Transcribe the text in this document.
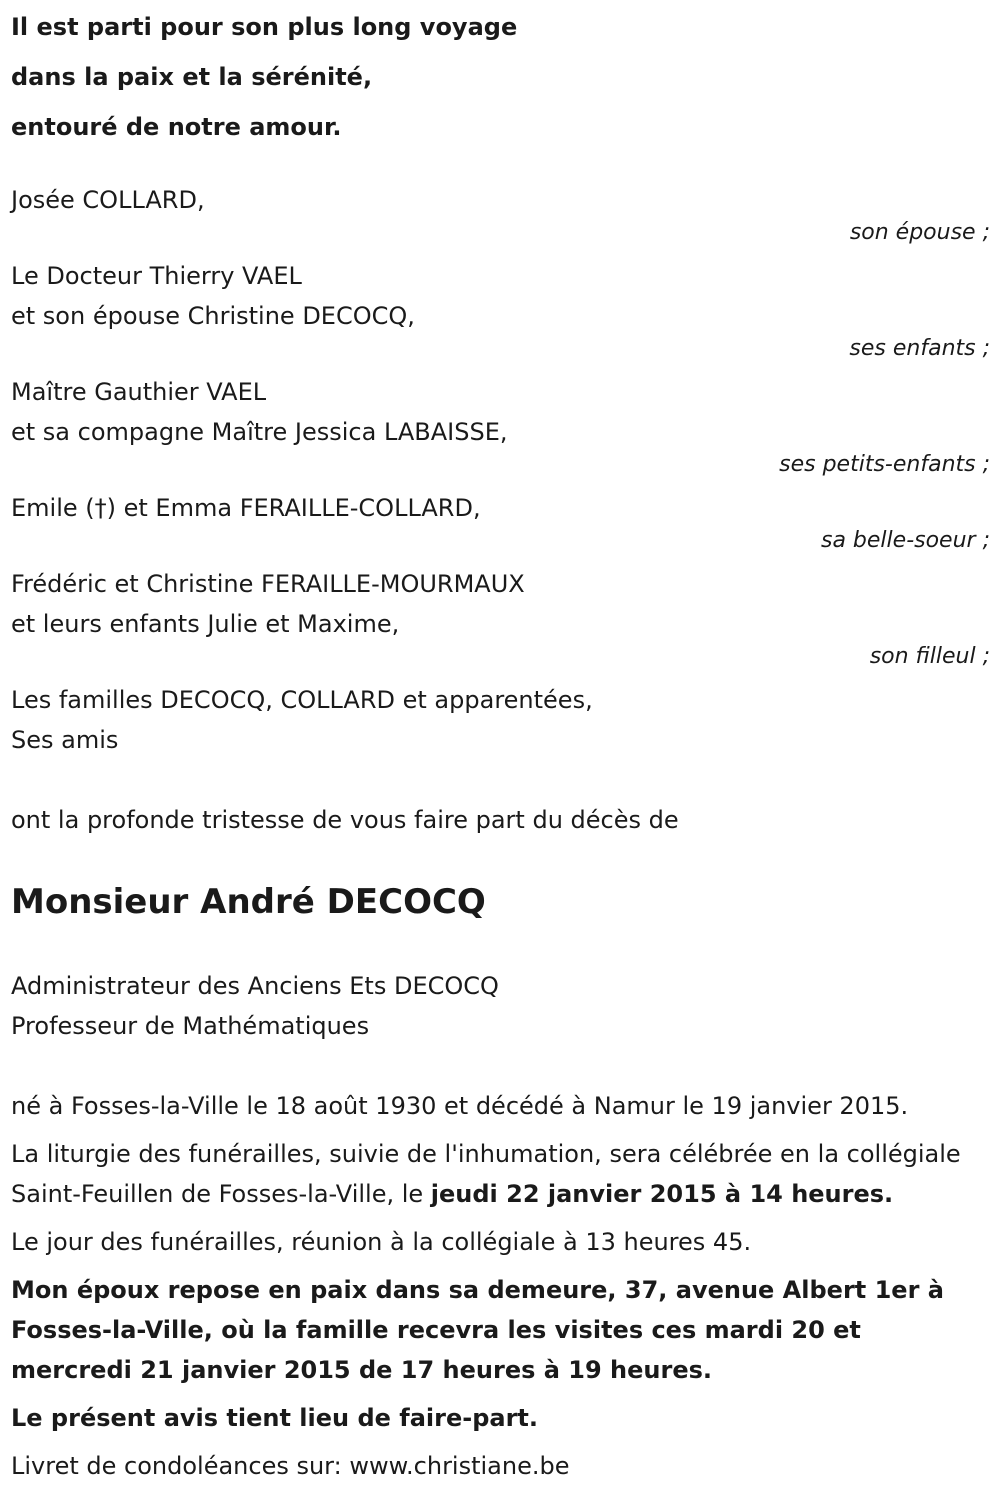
Il est parti pour son plus long voyage
dans la paix et la sérénité,
entouré de notre amour.
Josée COLLARD,
son épouse ;
Le Docteur Thierry VAEL
et son épouse Christine DECOCQ,
ses enfants ;
Maître Gauthier VAEL
et sa compagne Maître Jessica LABAISSE,
ses petits-enfants ;
Emile (†) et Emma FERAILLE-COLLARD,
sa belle-soeur ;
Frédéric et Christine FERAILLE-MOURMAUX
et leurs enfants Julie et Maxime,
son filleul ;
Les familles DECOCQ, COLLARD et apparentées,
Ses amis
ont la profonde tristesse de vous faire part du décès de
Monsieur André DECOCQ
Administrateur des Anciens Ets DECOCQ
Professeur de Mathématiques
né à Fosses-la-Ville le 18 août 1930 et décédé à Namur le 19 janvier 2015.
La liturgie des funérailles, suivie de l'inhumation, sera célébrée en la collégiale Saint-Feuillen de Fosses-la-Ville, le jeudi 22 janvier 2015 à 14 heures.
Le jour des funérailles, réunion à la collégiale à 13 heures 45.
Mon époux repose en paix dans sa demeure, 37, avenue Albert 1er à Fosses-la-Ville, où la famille recevra les visites ces mardi 20 et mercredi 21 janvier 2015 de 17 heures à 19 heures.
Le présent avis tient lieu de faire-part.
Livret de condoléances sur: www.christiane.be
